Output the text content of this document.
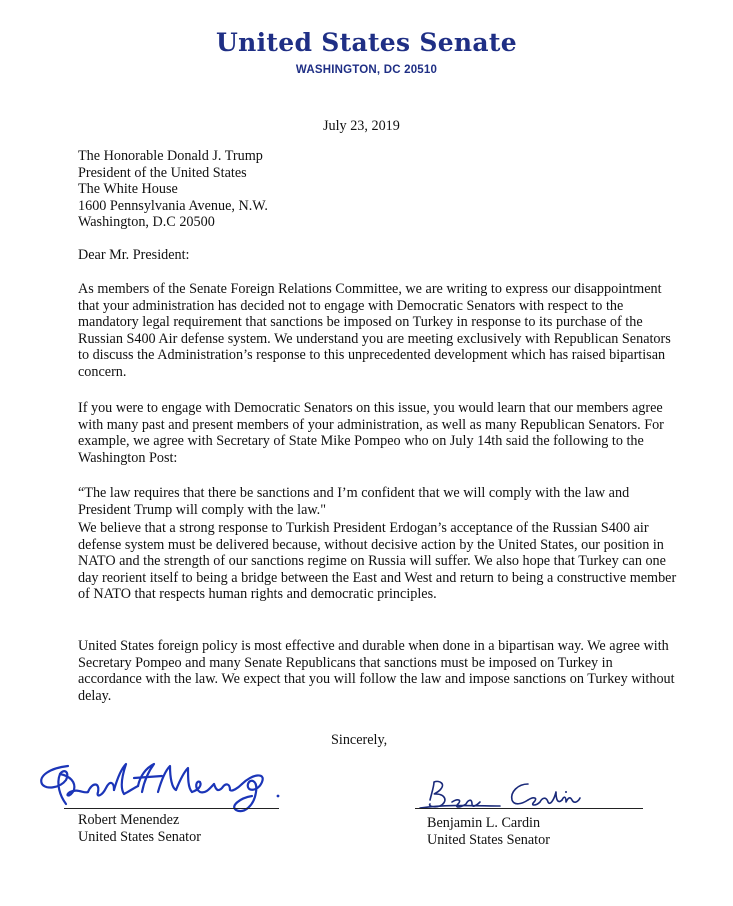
United States Senate
WASHINGTON, DC 20510
July 23, 2019
The Honorable Donald J. Trump
President of the United States
The White House
1600 Pennsylvania Avenue, N.W.
Washington, D.C 20500
Dear Mr. President:
As members of the Senate Foreign Relations Committee, we are writing to express our disappointment that your administration has decided not to engage with Democratic Senators with respect to the mandatory legal requirement that sanctions be imposed on Turkey in response to its purchase of the Russian S400 Air defense system. We understand you are meeting exclusively with Republican Senators to discuss the Administration’s response to this unprecedented development which has raised bipartisan concern.
If you were to engage with Democratic Senators on this issue, you would learn that our members agree with many past and present members of your administration, as well as many Republican Senators. For example, we agree with Secretary of State Mike Pompeo who on July 14th said the following to the Washington Post:
“The law requires that there be sanctions and I’m confident that we will comply with the law and President Trump will comply with the law."
We believe that a strong response to Turkish President Erdogan’s acceptance of the Russian S400 air defense system must be delivered because, without decisive action by the United States, our position in NATO and the strength of our sanctions regime on Russia will suffer. We also hope that Turkey can one day reorient itself to being a bridge between the East and West and return to being a constructive member of NATO that respects human rights and democratic principles.
United States foreign policy is most effective and durable when done in a bipartisan way. We agree with Secretary Pompeo and many Senate Republicans that sanctions must be imposed on Turkey in accordance with the law. We expect that you will follow the law and impose sanctions on Turkey without delay.
Sincerely,
Robert Menendez
United States Senator
Benjamin L. Cardin
United States Senator
